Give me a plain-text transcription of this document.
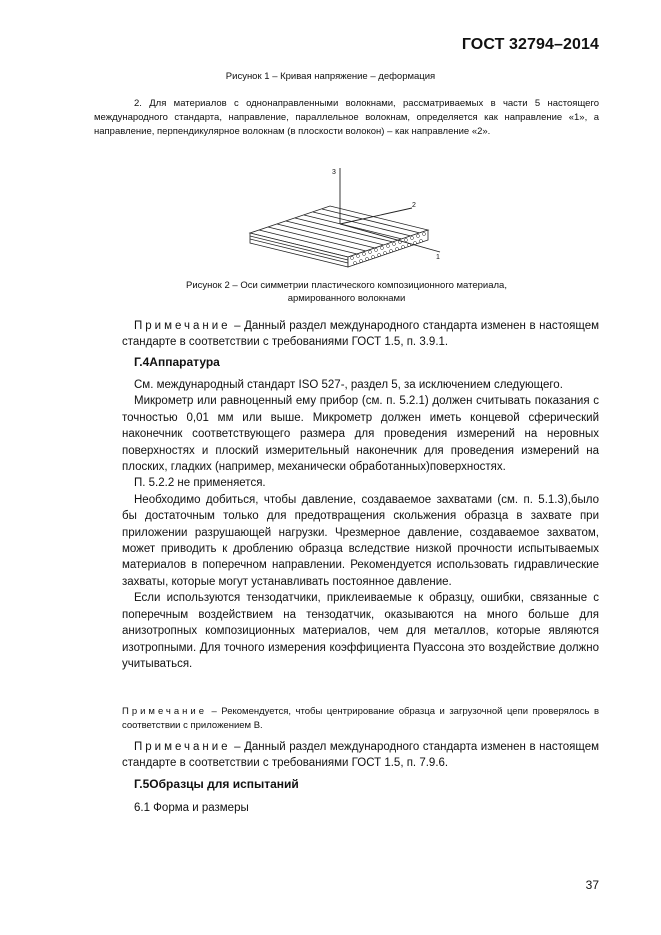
ГОСТ 32794–2014
Рисунок 1 – Кривая напряжение – деформация
2. Для материалов с однонаправленными волокнами, рассматриваемых в части 5 настоящего международного стандарта, направление, параллельное волокнам, определяется как направление «1», а направление, перпендикулярное волокнам (в плоскости волокон) – как направление «2».
3
2
1
Рисунок 2 – Оси симметрии пластического композиционного материала,
армированного волокнами

Примечание – Данный раздел международного стандарта изменен в настоящем стандарте в соответствии с требованиями ГОСТ 1.5, п. 3.9.1.

Г.4Аппаратура

См. международный стандарт ISO 527-, раздел 5, за исключением следующего.

Микрометр или равноценный ему прибор (см. п. 5.2.1) должен считывать показания с точностью 0,01 мм или выше. Микрометр должен иметь концевой сферический наконечник соответствующего размера для проведения измерений на неровных поверхностях и плоский измерительный наконечник для проведения измерений на плоских, гладких (например, механически обработанных)поверхностях.

П. 5.2.2 не применяется.

Необходимо добиться, чтобы давление, создаваемое захватами (см. п. 5.1.3),было бы достаточным только для предотвращения скольжения образца в захвате при приложении разрушающей нагрузки. Чрезмерное давление, создаваемое захватом, может приводить к дроблению образца вследствие низкой прочности испытываемых материалов в поперечном направлении. Рекомендуется использовать гидравлические захваты, которые могут устанавливать постоянное давление.

Если используются тензодатчики, приклеиваемые к образцу, ошибки, связанные с поперечным воздействием на тензодатчик, оказываются на много больше для анизотропных композиционных материалов, чем для металлов, которые являются изотропными. Для точного измерения коэффициента Пуассона это воздействие должно учитываться.

Примечание – Рекомендуется, чтобы центрирование образца и загрузочной цепи проверялось в соответствии с приложением В.

Примечание – Данный раздел международного стандарта изменен в настоящем стандарте в соответствии с требованиями ГОСТ 1.5, п. 7.9.6.

Г.5Образцы для испытаний
6.1 Форма и размеры
37
